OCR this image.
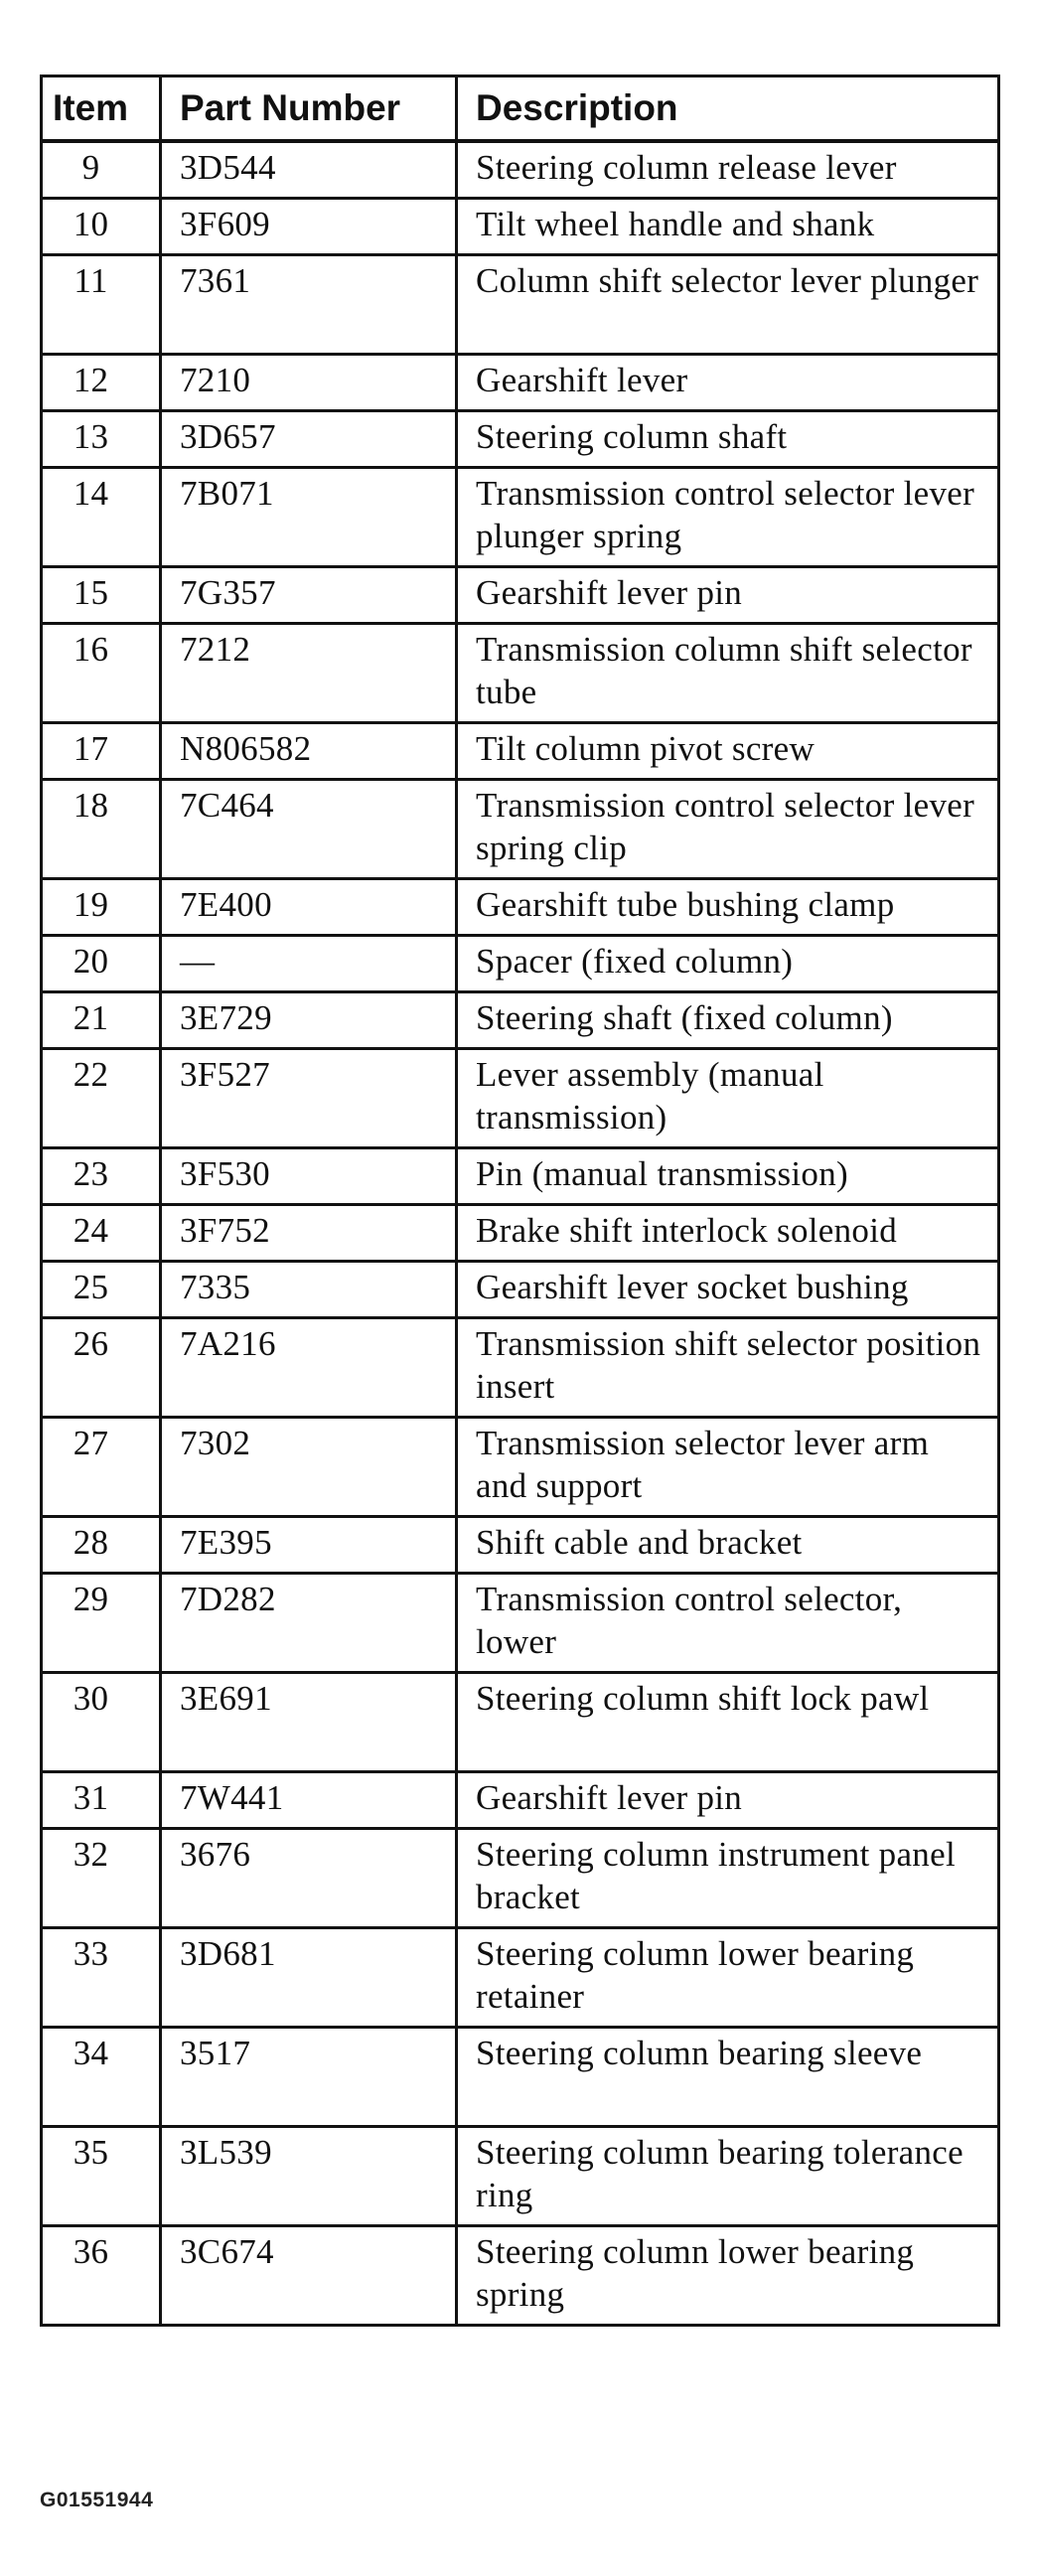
Item	Part Number	Description
9	3D544	Steering column release lever
10	3F609	Tilt wheel handle and shank
11	7361	Column shift selector lever plunger
12	7210	Gearshift lever
13	3D657	Steering column shaft
14	7B071	Transmission control selector lever plunger spring
15	7G357	Gearshift lever pin
16	7212	Transmission column shift selector tube
17	N806582	Tilt column pivot screw
18	7C464	Transmission control selector lever spring clip
19	7E400	Gearshift tube bushing clamp
20	—	Spacer (fixed column)
21	3E729	Steering shaft (fixed column)
22	3F527	Lever assembly (manual transmission)
23	3F530	Pin (manual transmission)
24	3F752	Brake shift interlock solenoid
25	7335	Gearshift lever socket bushing
26	7A216	Transmission shift selector position insert
27	7302	Transmission selector lever arm and support
28	7E395	Shift cable and bracket
29	7D282	Transmission control selector, lower
30	3E691	Steering column shift lock pawl
31	7W441	Gearshift lever pin
32	3676	Steering column instrument panel bracket
33	3D681	Steering column lower bearing retainer
34	3517	Steering column bearing sleeve
35	3L539	Steering column bearing tolerance ring
36	3C674	Steering column lower bearing spring
G01551944
